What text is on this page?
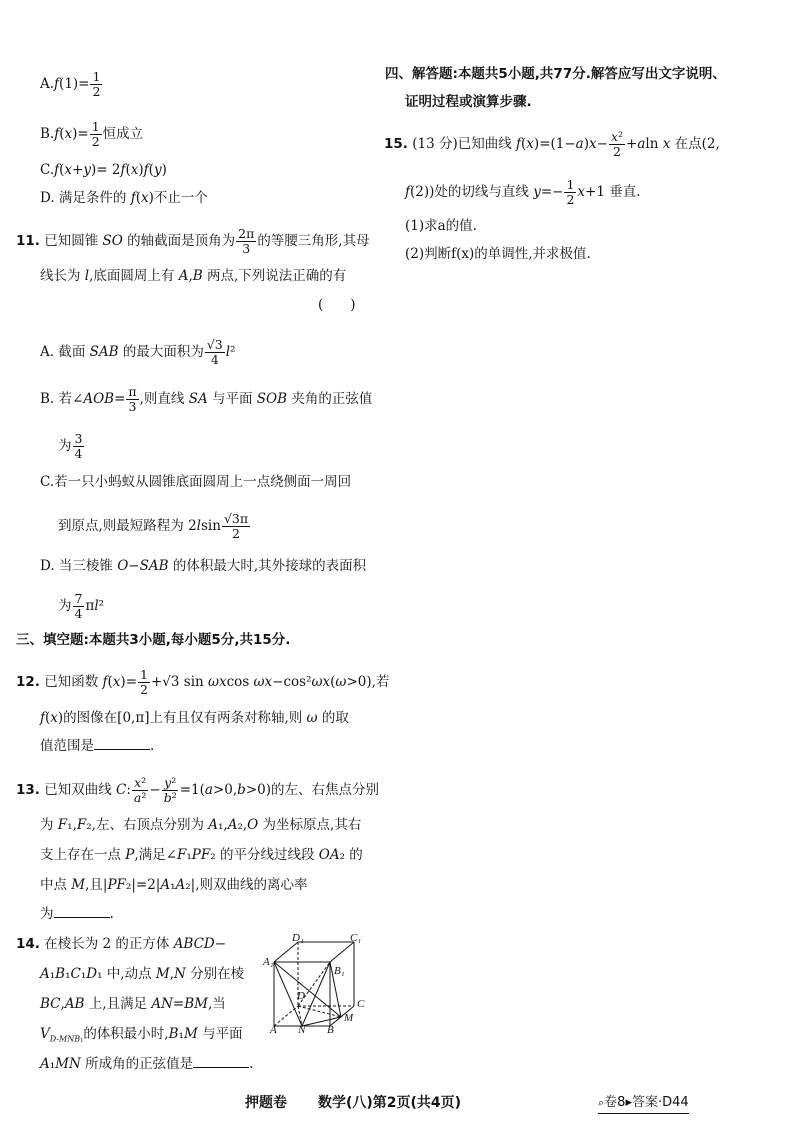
$A.f(1)= \frac{1}{2}$
$B.f(x)= \frac{1}{2}$ 恒成立
C.f(x+y)= 2f(x)f(y)
D. 满足条件的 f(x)不止一个
11. 已知圆锥 SO 的轴截面是顶角为 $\frac{2\pi}{3}$ 的等腰三角形,其母
线长为 l,底面圆周上有 A,B 两点,下列说法正确的有
(　　)
A. 截面 SAB 的最大面积为 $\frac{√3}{4} l^2$
B. 若∠AOB= $\frac{\pi}{3}$ ,则直线 SA 与平面 SOB 夹角的正弦值
为 $\frac{3}{4}$
C.若一只小蚂蚁从圆锥底面圆周上一点绕侧面一周回
到原点,则最短路程为 $2lsin \frac{√3\pi}{2}$
D. 当三棱锥 O−SAB 的体积最大时,其外接球的表面积
为 $\frac{7}{4} \pi l^2$
三、填空题:本题共3小题,每小题5分,共15分.
12. 已知函数 $f(x)= \frac{1}{2} +√3$ sin ωxcos ωx−cos²ωx(ω>0),若
f(x)的图像在[0,π]上有且仅有两条对称轴,则 ω 的取
值范围是	.
13. 已知双曲线 C: $\frac{\text{x²}}{\text{a²}} - \frac{\text{y²}}{\text{b²}} =1(a>0,b>0)$的左、右焦点分别
为 F₁,F₂,左、右顶点分别为 A₁,A₂,O 为坐标原点,其右
支上存在一点 P,满足∠F₁PF₂ 的平分线过线段 OA₂ 的
中点 M,且|PF₂|=2|A₁A₂|,则双曲线的离心率
为	.
14. 在棱长为 2 的正方体 ABCD−
A₁B₁C₁D₁ 中,动点 M,N 分别在棱
BC,AB 上,且满足 AN=BM,当
$V_{D-MNB_1}$的体积最小时,B₁M 与平面
A₁MN 所成角的正弦值是	.
D₁	C₁
A₁
B₁
D
C
M
A N B
四、解答题:本题共5小题,共77分.解答应写出文字说明、
证明过程或演算步骤.
15. (13 分)已知曲线 $f(x)=(1-a)x- \frac{\text{x²}}{2} +aln$ x 在点(2,
f(2))处的切线与直线 $y=- \frac{1}{2} x+1$ 垂直.
(1)求a的值.
(2)判断f(x)的单调性,并求极值.
押题卷 数学(八)第2页(共4页)	⌕卷8▸答案·D44
